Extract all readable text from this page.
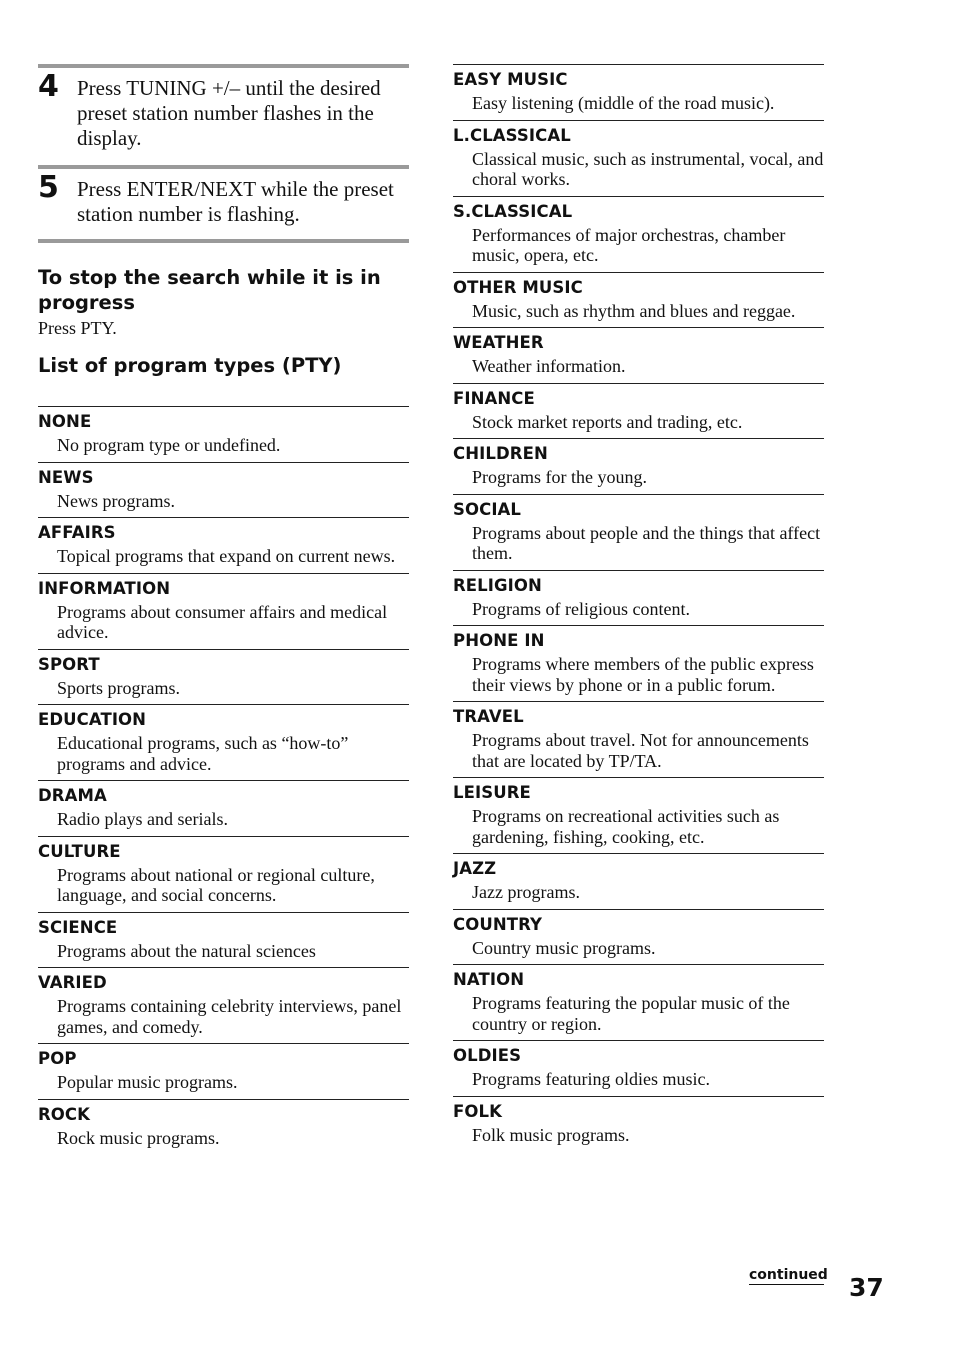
4 Press TUNING +/– until the desired preset station number flashes in the display.
5 Press ENTER/NEXT while the preset station number is flashing.
To stop the search while it is in progress
Press PTY.
List of program types (PTY)
NONE
No program type or undefined.
NEWS
News programs.
AFFAIRS
Topical programs that expand on current news.
INFORMATION
Programs about consumer affairs and medical advice.
SPORT
Sports programs.
EDUCATION
Educational programs, such as “how-to” programs and advice.
DRAMA
Radio plays and serials.
CULTURE
Programs about national or regional culture, language, and social concerns.
SCIENCE
Programs about the natural sciences
VARIED
Programs containing celebrity interviews, panel games, and comedy.
POP
Popular music programs.
ROCK
Rock music programs.
EASY MUSIC
Easy listening (middle of the road music).
L.CLASSICAL
Classical music, such as instrumental, vocal, and choral works.
S.CLASSICAL
Performances of major orchestras, chamber music, opera, etc.
OTHER MUSIC
Music, such as rhythm and blues and reggae.
WEATHER
Weather information.
FINANCE
Stock market reports and trading, etc.
CHILDREN
Programs for the young.
SOCIAL
Programs about people and the things that affect them.
RELIGION
Programs of religious content.
PHONE IN
Programs where members of the public express their views by phone or in a public forum.
TRAVEL
Programs about travel. Not for announcements that are located by TP/TA.
LEISURE
Programs on recreational activities such as gardening, fishing, cooking, etc.
JAZZ
Jazz programs.
COUNTRY
Country music programs.
NATION
Programs featuring the popular music of the country or region.
OLDIES
Programs featuring oldies music.
FOLK
Folk music programs.
continued 37
